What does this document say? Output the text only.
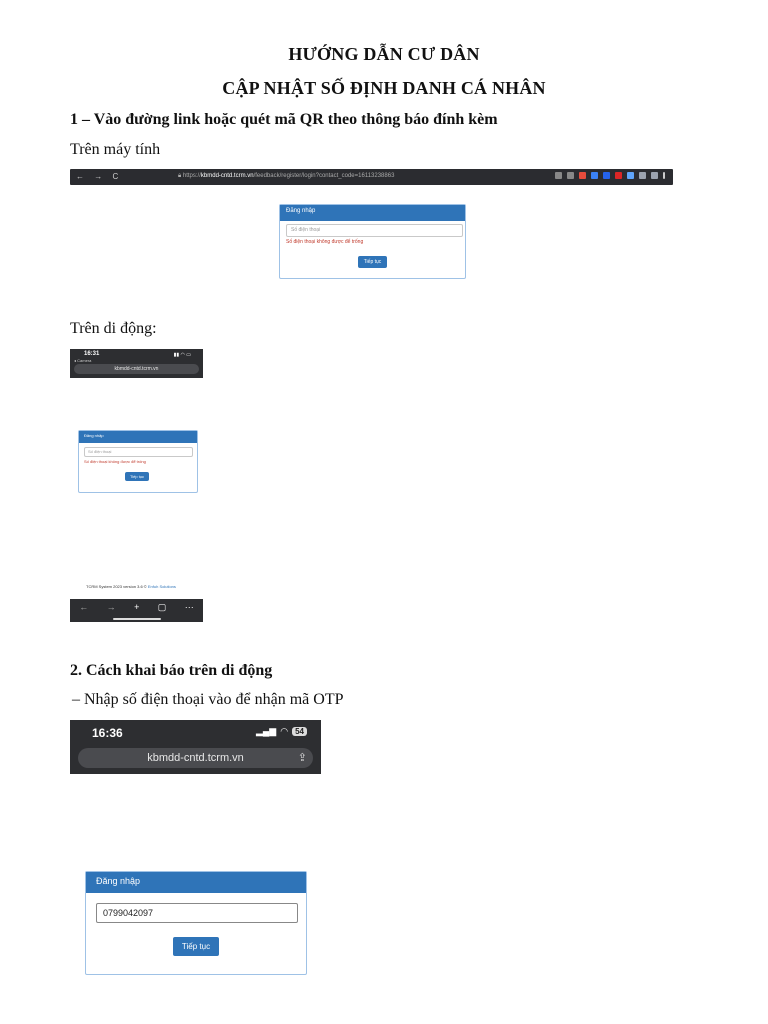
HƯỚNG DẪN CƯ DÂN
CẬP NHẬT SỐ ĐỊNH DANH CÁ NHÂN
1 – Vào đường link hoặc quét mã QR theo thông báo đính kèm
Trên máy tính
← → C	🔒︎ https://kbmdd-cntd.tcrm.vn/feedback/register/login?contact_code=16113238863
Đăng nhập
Số điện thoại
Số điện thoại không được để trống
Tiếp tục
Trên di động:
16:31
◂ Camera
▮▮ ◠ ▭
kbmdd-cntd.tcrm.vn
Đăng nhập
Số điện thoại
Số điện thoại không được để trống
Tiếp tục
TCRM System 2023 version 3.6 © Enfuh Solutions
← → + ▢ ···
2. Cách khai báo trên di động
– Nhập số điện thoại vào để nhận mã OTP
16:36	▂▄▆ ◠ 54
kbmdd-cntd.tcrm.vn	⇪
Đăng nhập
0799042097
Tiếp tục
